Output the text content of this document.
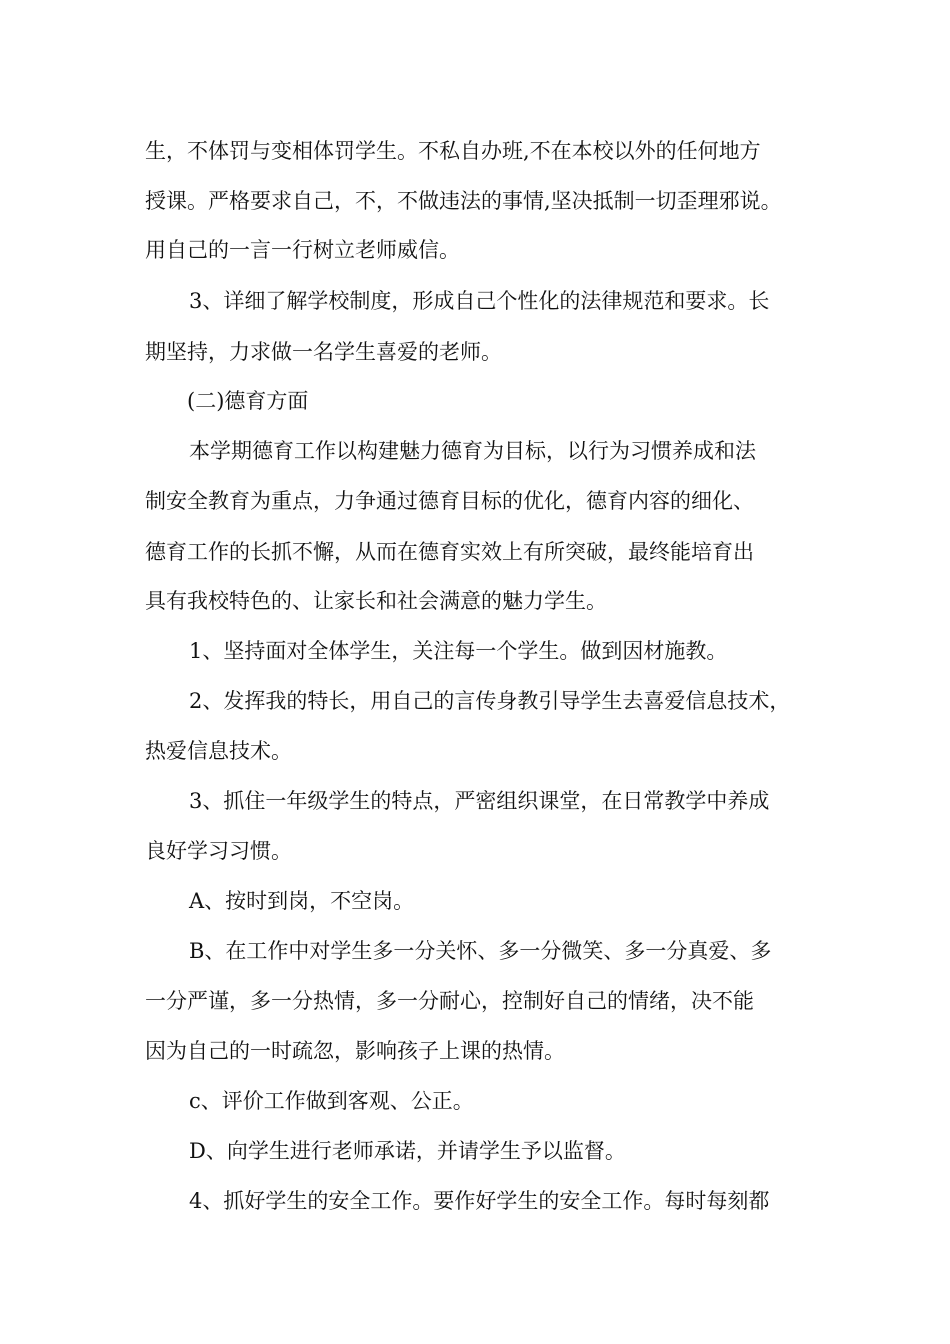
生，不体罚与变相体罚学生。不私自办班,不在本校以外的任何地方
授课。严格要求自己，不，不做违法的事情,坚决抵制一切歪理邪说。
用自己的一言一行树立老师威信。
3、详细了解学校制度，形成自己个性化的法律规范和要求。长
期坚持，力求做一名学生喜爱的老师。
(二)德育方面
本学期德育工作以构建魅力德育为目标，以行为习惯养成和法
制安全教育为重点，力争通过德育目标的优化，德育内容的细化、
德育工作的长抓不懈，从而在德育实效上有所突破，最终能培育出
具有我校特色的、让家长和社会满意的魅力学生。
1、坚持面对全体学生，关注每一个学生。做到因材施教。
2、发挥我的特长，用自己的言传身教引导学生去喜爱信息技术，
热爱信息技术。
3、抓住一年级学生的特点，严密组织课堂，在日常教学中养成
良好学习习惯。
A、按时到岗，不空岗。
B、在工作中对学生多一分关怀、多一分微笑、多一分真爱、多
一分严谨，多一分热情，多一分耐心，控制好自己的情绪，决不能
因为自己的一时疏忽，影响孩子上课的热情。
c、评价工作做到客观、公正。
D、向学生进行老师承诺，并请学生予以监督。
4、抓好学生的安全工作。要作好学生的安全工作。每时每刻都
